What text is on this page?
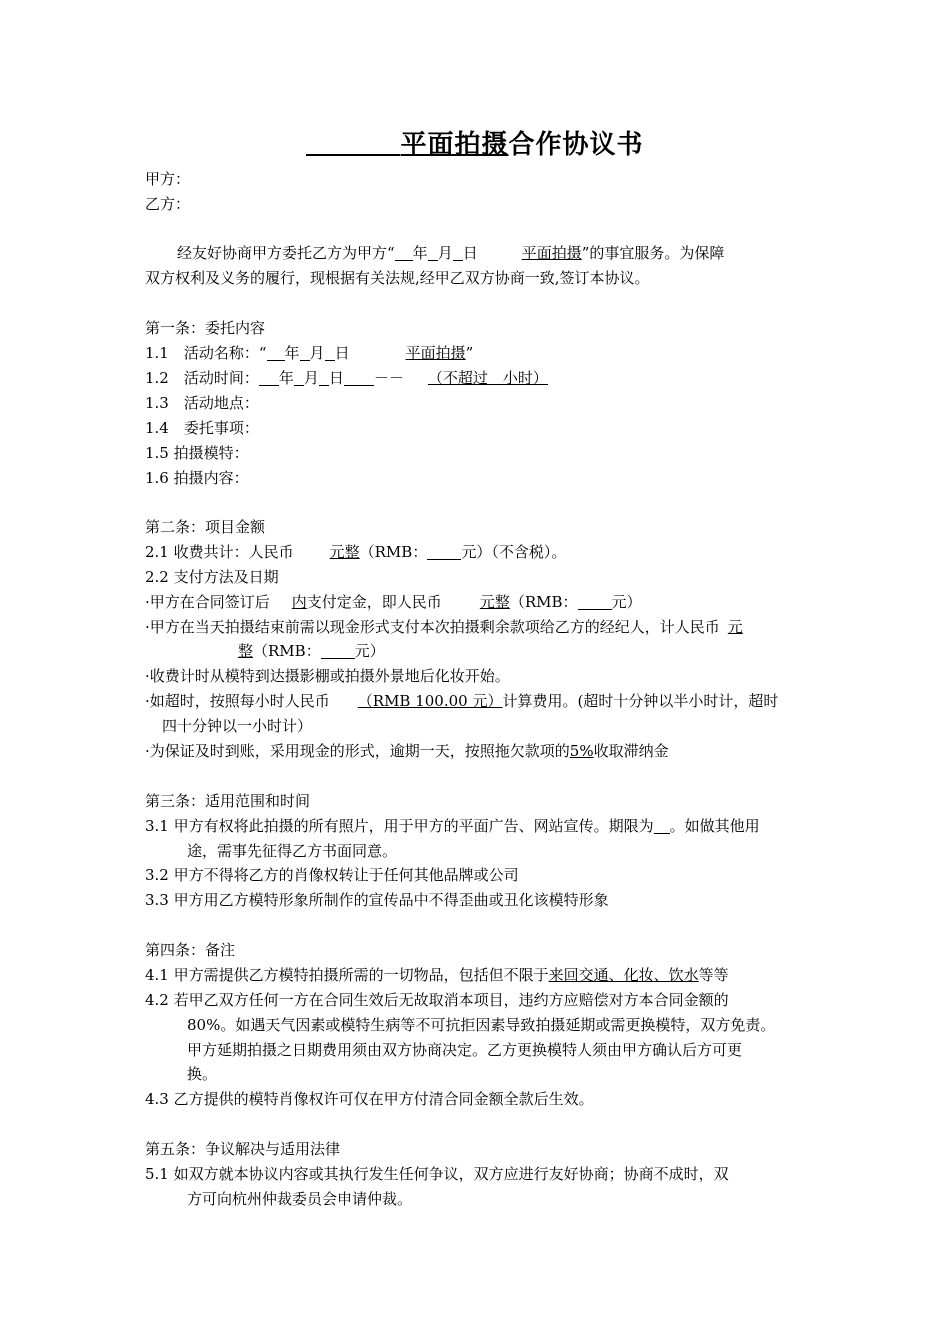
平面拍摄合作协议书
甲方：
乙方：
经友好协商甲方委托乙方为甲方“ 年 月 日	平面拍摄”的事宜服务。为保障
双方权利及义务的履行，现根据有关法规,经甲乙双方协商一致,签订本协议。
第一条：委托内容
1.1　活动名称：“ 年 月 日	平面拍摄”
1.2　活动时间： 年 月 日 －－ （不超过　小时）
1.3　活动地点：
1.4　委托事项：
1.5 拍摄模特：
1.6 拍摄内容：
第二条：项目金额
2.1 收费共计：人民币 元整（RMB： 元）（不含税）。
2.2 支付方法及日期
·甲方在合同签订后 内支付定金，即人民币	元整（RMB： 元）
·甲方在当天拍摄结束前需以现金形式支付本次拍摄剩余款项给乙方的经纪人，计人民币 元
整（RMB： 元）
·收费计时从模特到达摄影棚或拍摄外景地后化妆开始。
·如超时，按照每小时人民币 （RMB 100.00 元）计算费用。(超时十分钟以半小时计，超时
四十分钟以一小时计）
·为保证及时到账，采用现金的形式，逾期一天，按照拖欠款项的5%收取滞纳金
第三条：适用范围和时间
3.1 甲方有权将此拍摄的所有照片，用于甲方的平面广告、网站宣传。期限为 。如做其他用
途，需事先征得乙方书面同意。
3.2 甲方不得将乙方的肖像权转让于任何其他品牌或公司
3.3 甲方用乙方模特形象所制作的宣传品中不得歪曲或丑化该模特形象
第四条：备注
4.1 甲方需提供乙方模特拍摄所需的一切物品，包括但不限于来回交通、化妆、饮水等等
4.2 若甲乙双方任何一方在合同生效后无故取消本项目，违约方应赔偿对方本合同金额的
80%。如遇天气因素或模特生病等不可抗拒因素导致拍摄延期或需更换模特，双方免责。
甲方延期拍摄之日期费用须由双方协商决定。乙方更换模特人须由甲方确认后方可更
换。
4.3 乙方提供的模特肖像权许可仅在甲方付清合同金额全款后生效。
第五条：争议解决与适用法律
5.1 如双方就本协议内容或其执行发生任何争议，双方应进行友好协商；协商不成时，双
方可向杭州仲裁委员会申请仲裁。
